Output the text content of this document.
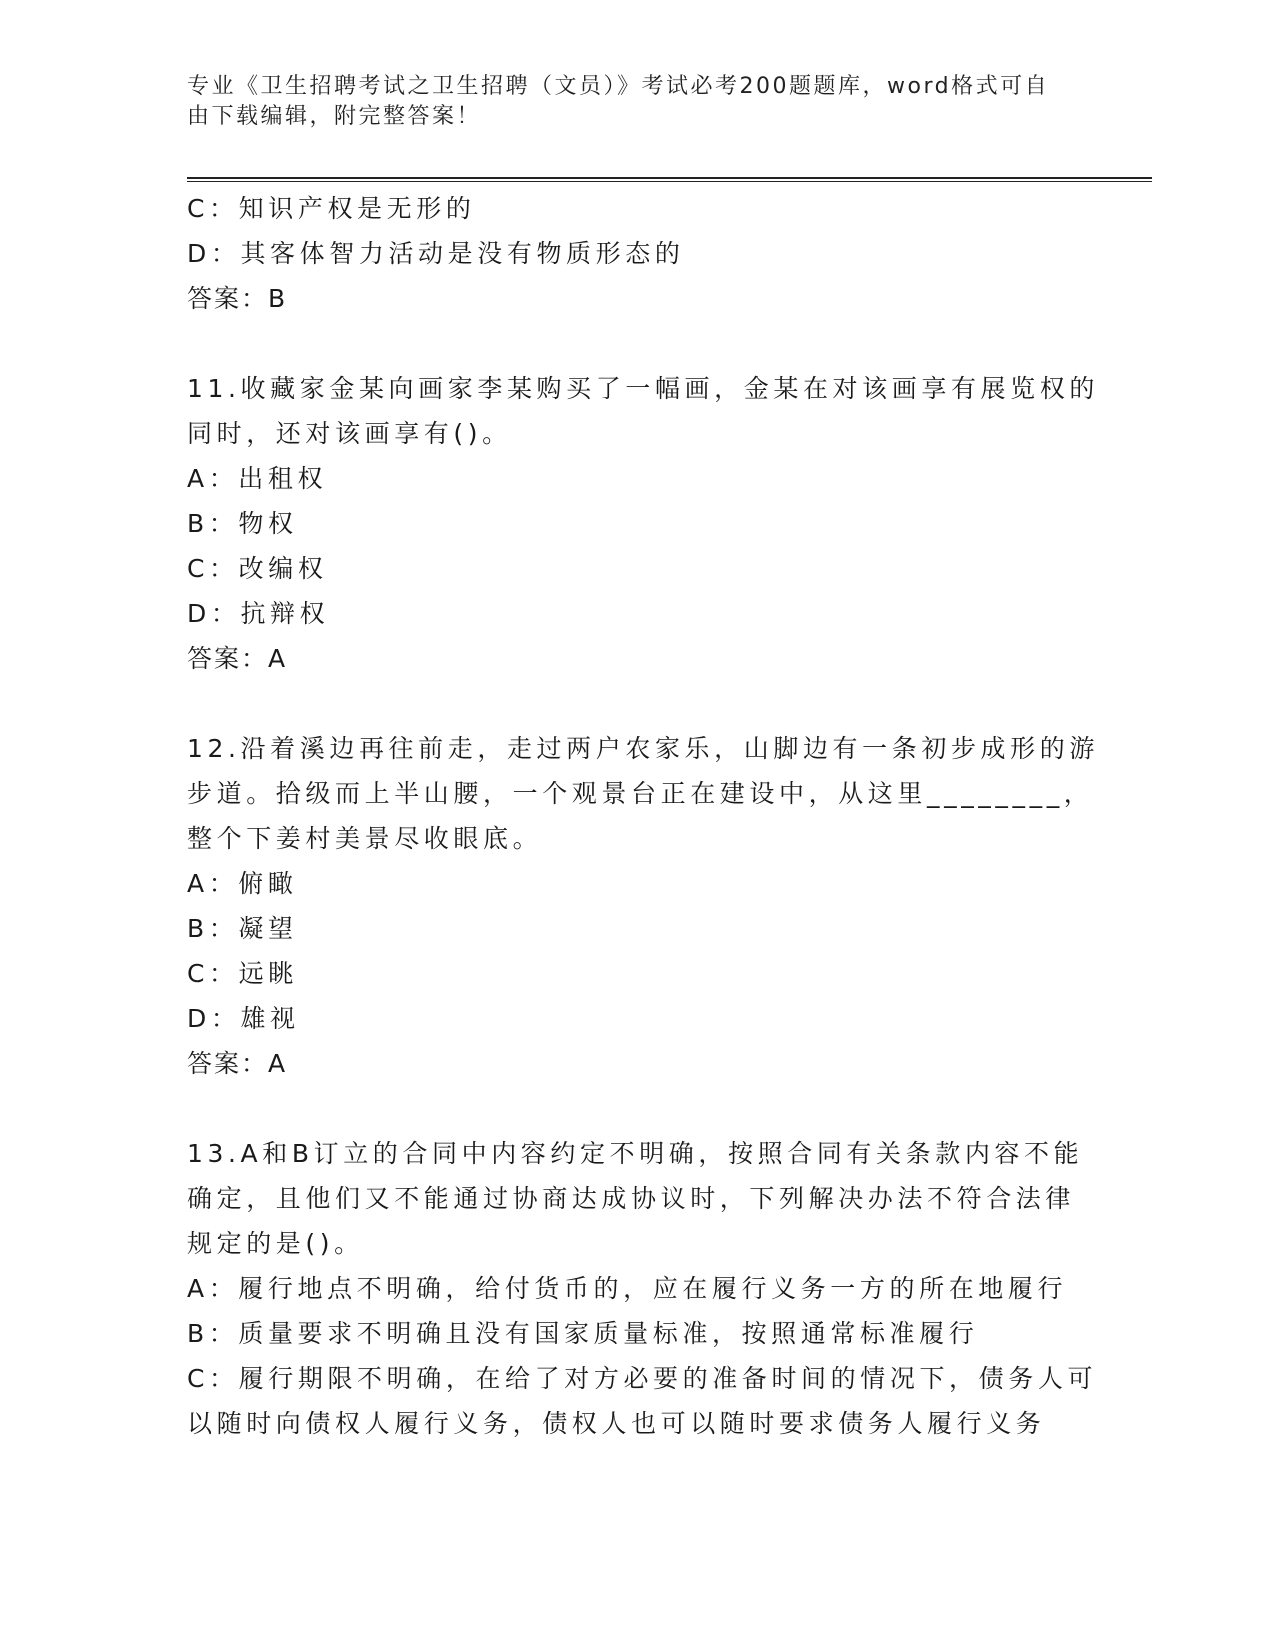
专业《卫生招聘考试之卫生招聘（文员）》考试必考200题题库，word格式可自
由下载编辑，附完整答案！
C：知识产权是无形的
D：其客体智力活动是没有物质形态的
答案：B
11.收藏家金某向画家李某购买了一幅画，金某在对该画享有展览权的
同时，还对该画享有()。
A：出租权
B：物权
C：改编权
D：抗辩权
答案：A
12.沿着溪边再往前走，走过两户农家乐，山脚边有一条初步成形的游
步道。拾级而上半山腰，一个观景台正在建设中，从这里________，
整个下姜村美景尽收眼底。
A：俯瞰
B：凝望
C：远眺
D：雄视
答案：A
13.A和B订立的合同中内容约定不明确，按照合同有关条款内容不能
确定，且他们又不能通过协商达成协议时，下列解决办法不符合法律
规定的是()。
A：履行地点不明确，给付货币的，应在履行义务一方的所在地履行
B：质量要求不明确且没有国家质量标准，按照通常标准履行
C：履行期限不明确，在给了对方必要的准备时间的情况下，债务人可
以随时向债权人履行义务，债权人也可以随时要求债务人履行义务
